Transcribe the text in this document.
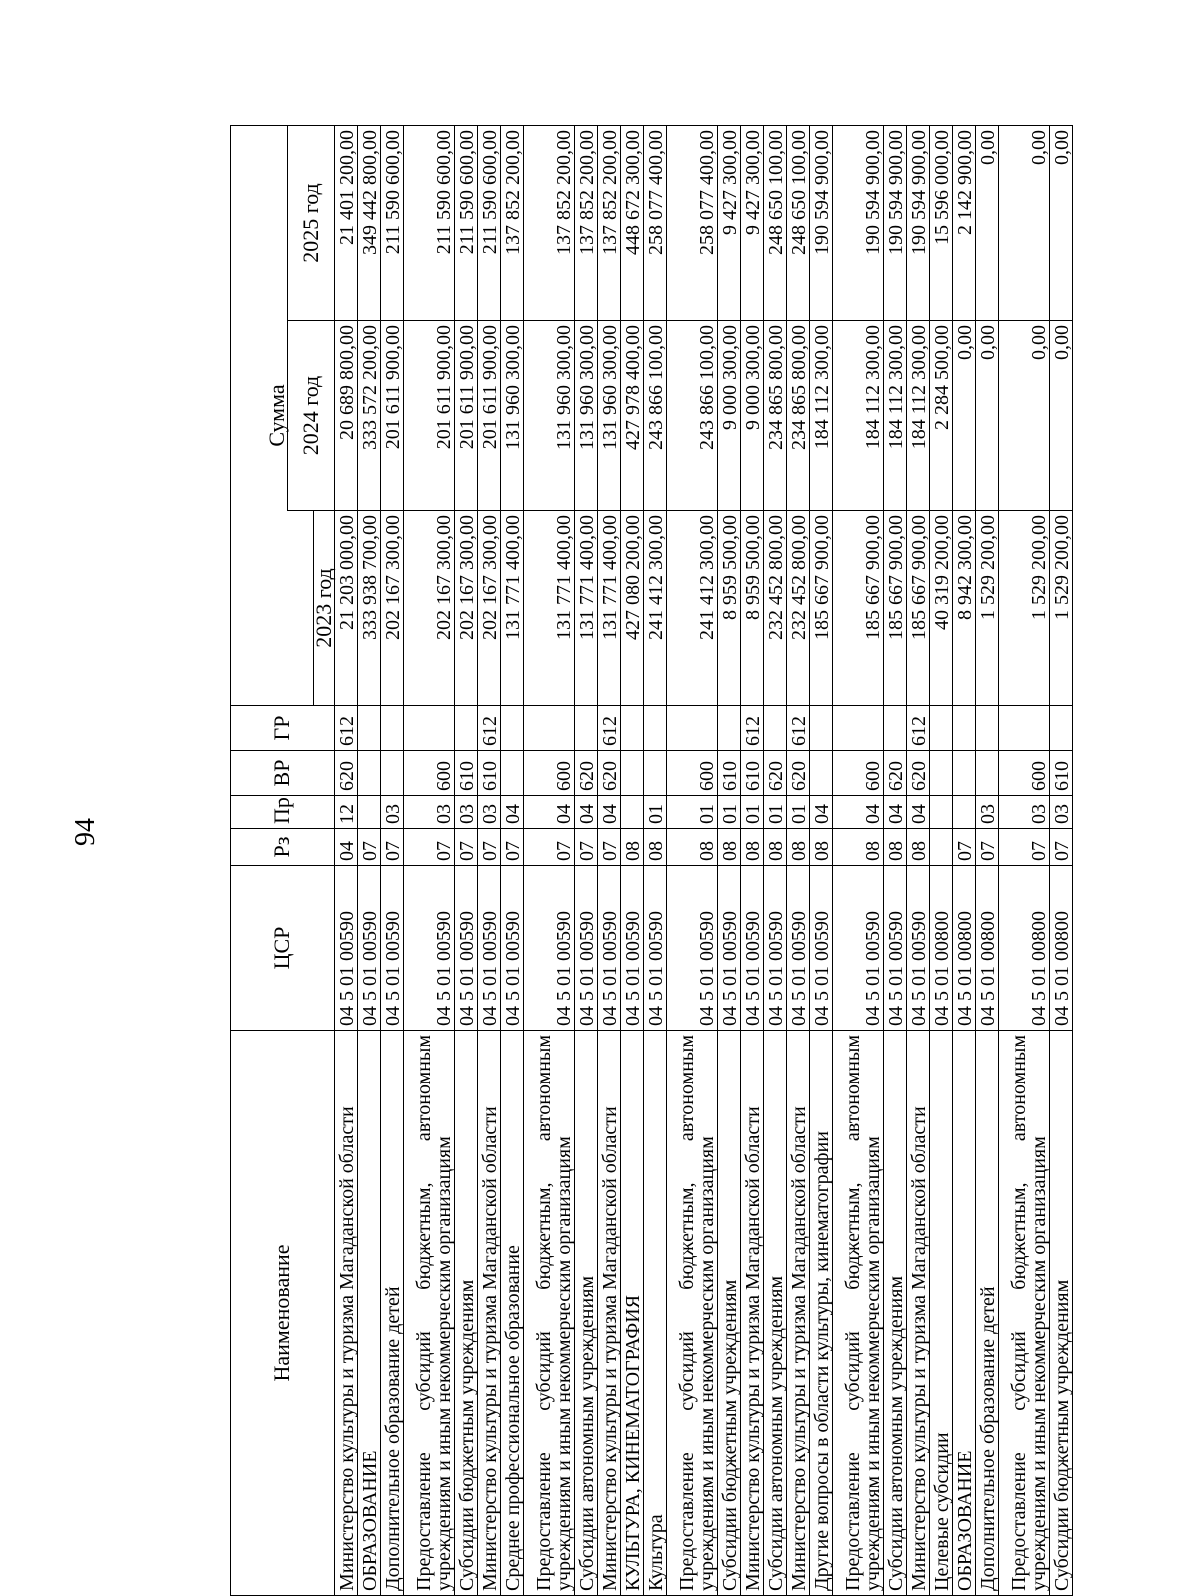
94
Наименование	ЦСР	Рз	Пр	ВР	ГР	Сумма		
							2024 год	2025 год
						2023 год		
Министерство культуры и туризма Магаданской области	04 5 01 00590	04	12	620	612	21 203 000,00	20 689 800,00	21 401 200,00
ОБРАЗОВАНИЕ	04 5 01 00590	07				333 938 700,00	333 572 200,00	349 442 800,00
Дополнительное образование детей	04 5 01 00590	07	03			202 167 300,00	201 611 900,00	211 590 600,00
Предоставление субсидий бюджетным, автономным учреждениям и иным некоммерческим организациям	04 5 01 00590	07	03	600		202 167 300,00	201 611 900,00	211 590 600,00
Субсидии бюджетным учреждениям	04 5 01 00590	07	03	610		202 167 300,00	201 611 900,00	211 590 600,00
Министерство культуры и туризма Магаданской области	04 5 01 00590	07	03	610	612	202 167 300,00	201 611 900,00	211 590 600,00
Среднее профессиональное образование	04 5 01 00590	07	04			131 771 400,00	131 960 300,00	137 852 200,00
Предоставление субсидий бюджетным, автономным учреждениям и иным некоммерческим организациям	04 5 01 00590	07	04	600		131 771 400,00	131 960 300,00	137 852 200,00
Субсидии автономным учреждениям	04 5 01 00590	07	04	620		131 771 400,00	131 960 300,00	137 852 200,00
Министерство культуры и туризма Магаданской области	04 5 01 00590	07	04	620	612	131 771 400,00	131 960 300,00	137 852 200,00
КУЛЬТУРА, КИНЕМАТОГРАФИЯ	04 5 01 00590	08				427 080 200,00	427 978 400,00	448 672 300,00
Культура	04 5 01 00590	08	01			241 412 300,00	243 866 100,00	258 077 400,00
Предоставление субсидий бюджетным, автономным учреждениям и иным некоммерческим организациям	04 5 01 00590	08	01	600		241 412 300,00	243 866 100,00	258 077 400,00
Субсидии бюджетным учреждениям	04 5 01 00590	08	01	610		8 959 500,00	9 000 300,00	9 427 300,00
Министерство культуры и туризма Магаданской области	04 5 01 00590	08	01	610	612	8 959 500,00	9 000 300,00	9 427 300,00
Субсидии автономным учреждениям	04 5 01 00590	08	01	620		232 452 800,00	234 865 800,00	248 650 100,00
Министерство культуры и туризма Магаданской области	04 5 01 00590	08	01	620	612	232 452 800,00	234 865 800,00	248 650 100,00
Другие вопросы в области культуры, кинематографии	04 5 01 00590	08	04			185 667 900,00	184 112 300,00	190 594 900,00
Предоставление субсидий бюджетным, автономным учреждениям и иным некоммерческим организациям	04 5 01 00590	08	04	600		185 667 900,00	184 112 300,00	190 594 900,00
Субсидии автономным учреждениям	04 5 01 00590	08	04	620		185 667 900,00	184 112 300,00	190 594 900,00
Министерство культуры и туризма Магаданской области	04 5 01 00590	08	04	620	612	185 667 900,00	184 112 300,00	190 594 900,00
Целевые субсидии	04 5 01 00800					40 319 200,00	2 284 500,00	15 596 000,00
ОБРАЗОВАНИЕ	04 5 01 00800	07				8 942 300,00	0,00	2 142 900,00
Дополнительное образование детей	04 5 01 00800	07	03			1 529 200,00	0,00	0,00
Предоставление субсидий бюджетным, автономным учреждениям и иным некоммерческим организациям	04 5 01 00800	07	03	600		1 529 200,00	0,00	0,00
Субсидии бюджетным учреждениям	04 5 01 00800	07	03	610		1 529 200,00	0,00	0,00
